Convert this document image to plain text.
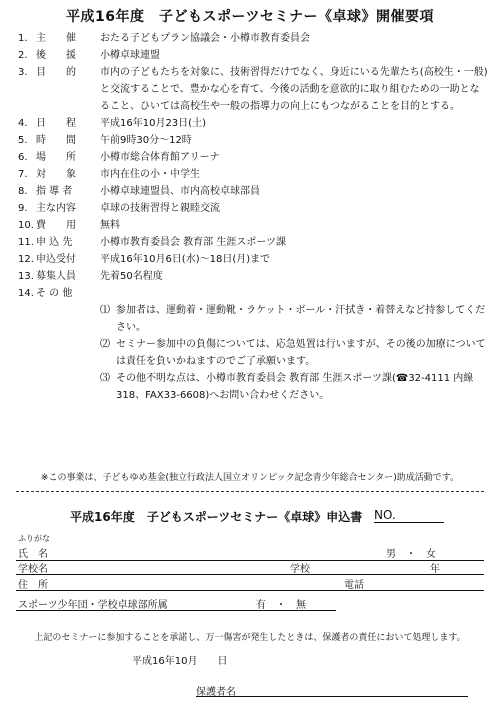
平成16年度　子どもスポーツセミナー《卓球》開催要項
1. 主　　催	おたる子どもプラン協議会・小樽市教育委員会
2. 後　　援	小樽卓球連盟
3. 目　　的	市内の子どもたちを対象に、技術習得だけでなく、身近にいる先輩たち(高校生・一般)と交流することで、豊かな心を育て、今後の活動を意欲的に取り組むための一助となること、ひいては高校生や一般の指導力の向上にもつながることを目的とする。
4. 日　　程	平成16年10月23日(土)
5. 時　　間	午前9時30分～12時
6. 場　　所	小樽市総合体育館アリーナ
7. 対　　象	市内在住の小・中学生
8. 指 導 者	小樽卓球連盟員、市内高校卓球部員
9. 主な内容	卓球の技術習得と親睦交流
10. 費　　用	無料
11. 申 込 先	小樽市教育委員会 教育部 生涯スポーツ課
12. 申込受付	平成16年10月6日(水)～18日(月)まで
13. 募集人員	先着50名程度
14. そ の 他
⑴ 参加者は、運動着・運動靴・ラケット・ボール・汗拭き・着替えなど持参してください。
⑵ セミナー参加中の負傷については、応急処置は行いますが、その後の加療については責任を負いかねますのでご了承願います。
⑶ その他不明な点は、小樽市教育委員会 教育部 生涯スポーツ課(☎32-4111 内線318、FAX33-6608)へお問い合わせください。
※この事業は、子どもゆめ基金(独立行政法人国立オリンピック記念青少年総合センター)助成活動です。
平成16年度　子どもスポーツセミナー《卓球》申込書 NO.
ふりがな
氏　名	男　・　女
学校名	学校	年
住　所	電話
スポーツ少年団・学校卓球部所属	有　・　無
上記のセミナーに参加することを承諾し、万一傷害が発生したときは、保護者の責任において処理します。
平成16年10月　　日
保護者名
